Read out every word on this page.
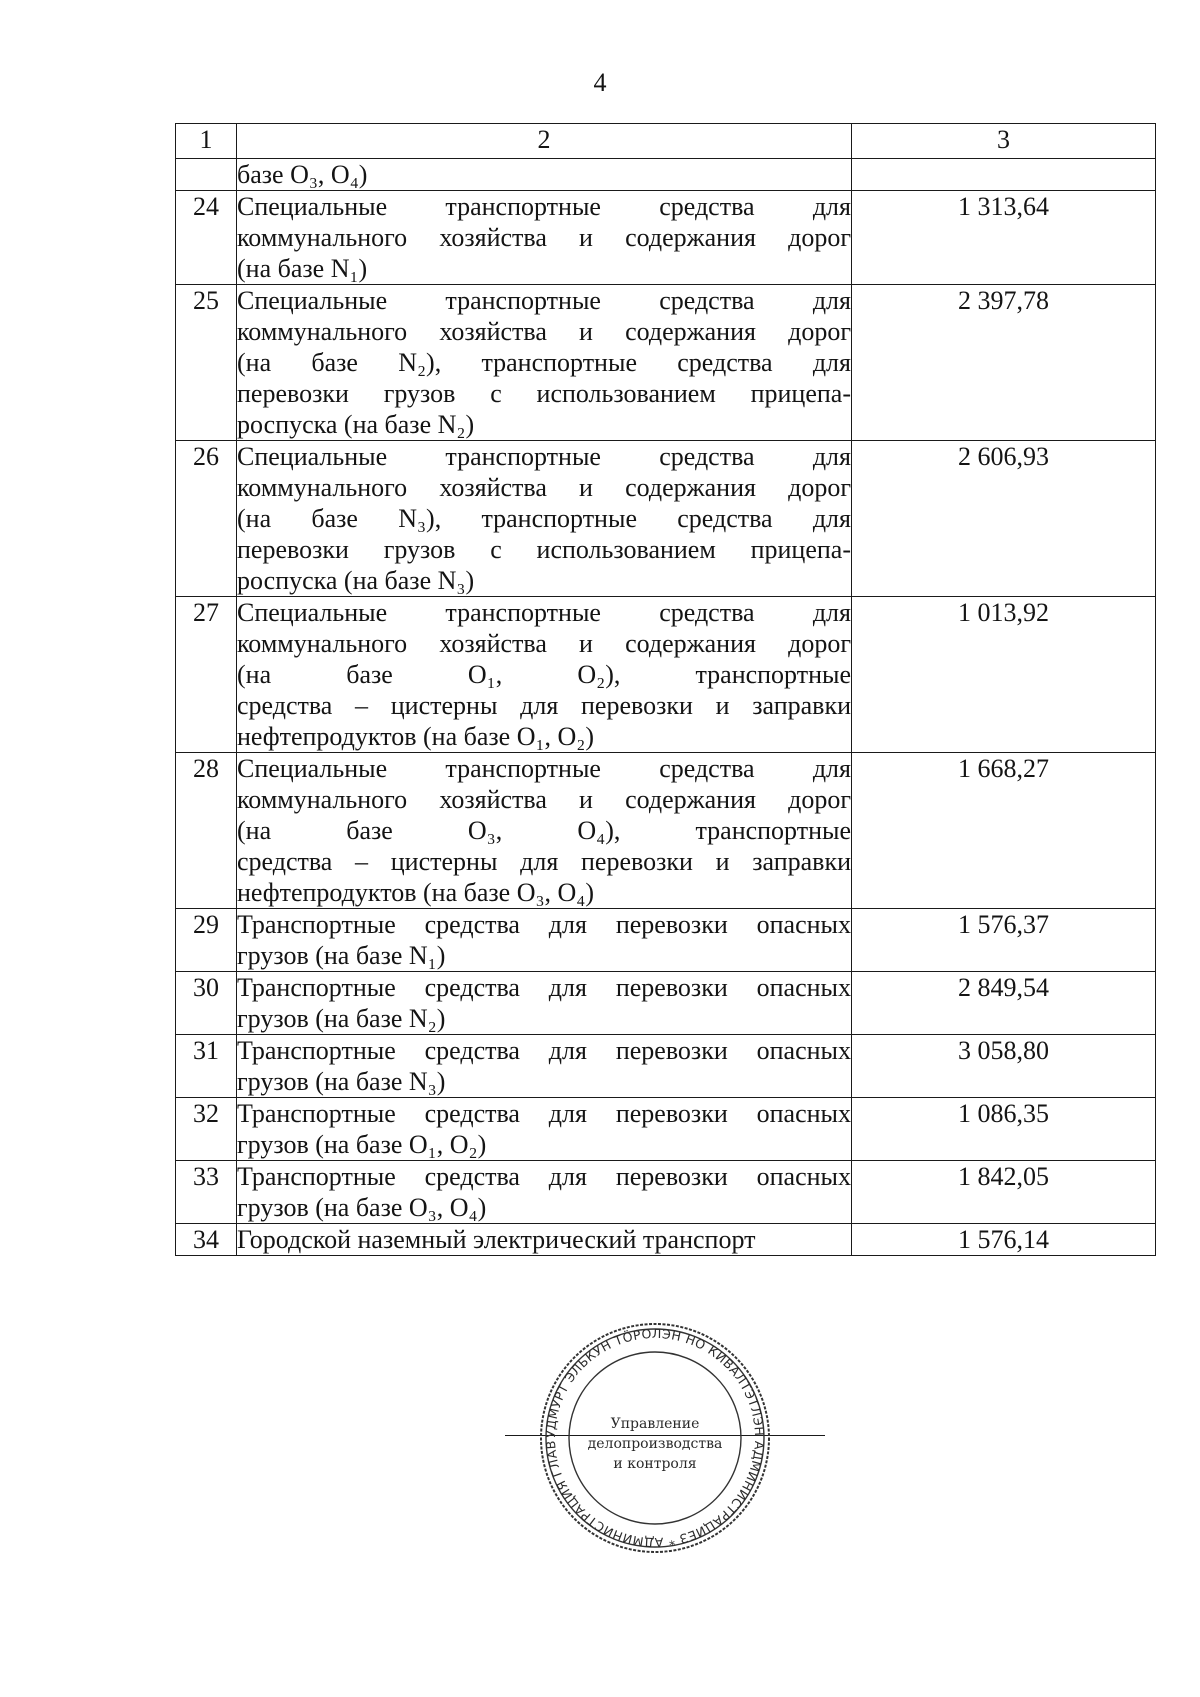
4
1	2	3

	базе O₃, O₄)	

24	Специальные транспортные средства для
коммунального хозяйства и содержания дорог
(на базе N₁)	1 313,64
25	Специальные транспортные средства для
коммунального хозяйства и содержания дорог
(на базе N₂), транспортные средства для
перевозки грузов с использованием прицепа-
роспуска (на базе N₂)	2 397,78
26	Специальные транспортные средства для
коммунального хозяйства и содержания дорог
(на базе N₃), транспортные средства для
перевозки грузов с использованием прицепа-
роспуска (на базе N₃)	2 606,93
27	Специальные транспортные средства для
коммунального хозяйства и содержания дорог
(на базе O₁, O₂), транспортные
средства – цистерны для перевозки и заправки
нефтепродуктов (на базе O₁, O₂)	1 013,92
28	Специальные транспортные средства для
коммунального хозяйства и содержания дорог
(на базе O₃, O₄), транспортные
средства – цистерны для перевозки и заправки
нефтепродуктов (на базе O₃, O₄)	1 668,27
29	Транспортные средства для перевозки опасных
грузов (на базе N₁)	1 576,37
30	Транспортные средства для перевозки опасных
грузов (на базе N₂)	2 849,54
31	Транспортные средства для перевозки опасных
грузов (на базе N₃)	3 058,80
32	Транспортные средства для перевозки опасных
грузов (на базе O₁, O₂)	1 086,35
33	Транспортные средства для перевозки опасных
грузов (на базе O₃, O₄)	1 842,05
34	Городской наземный электрический транспорт	1 576,14
УДМУРТ ЭЛЬКУН ТӦРОЛЭН НО КИВАЛТЭТЛЭН АДМИНИСТРАЦИЕЗ * АДМИНИСТРАЦИЯ ГЛАВ
Управление
делопроизводства
и контроля
